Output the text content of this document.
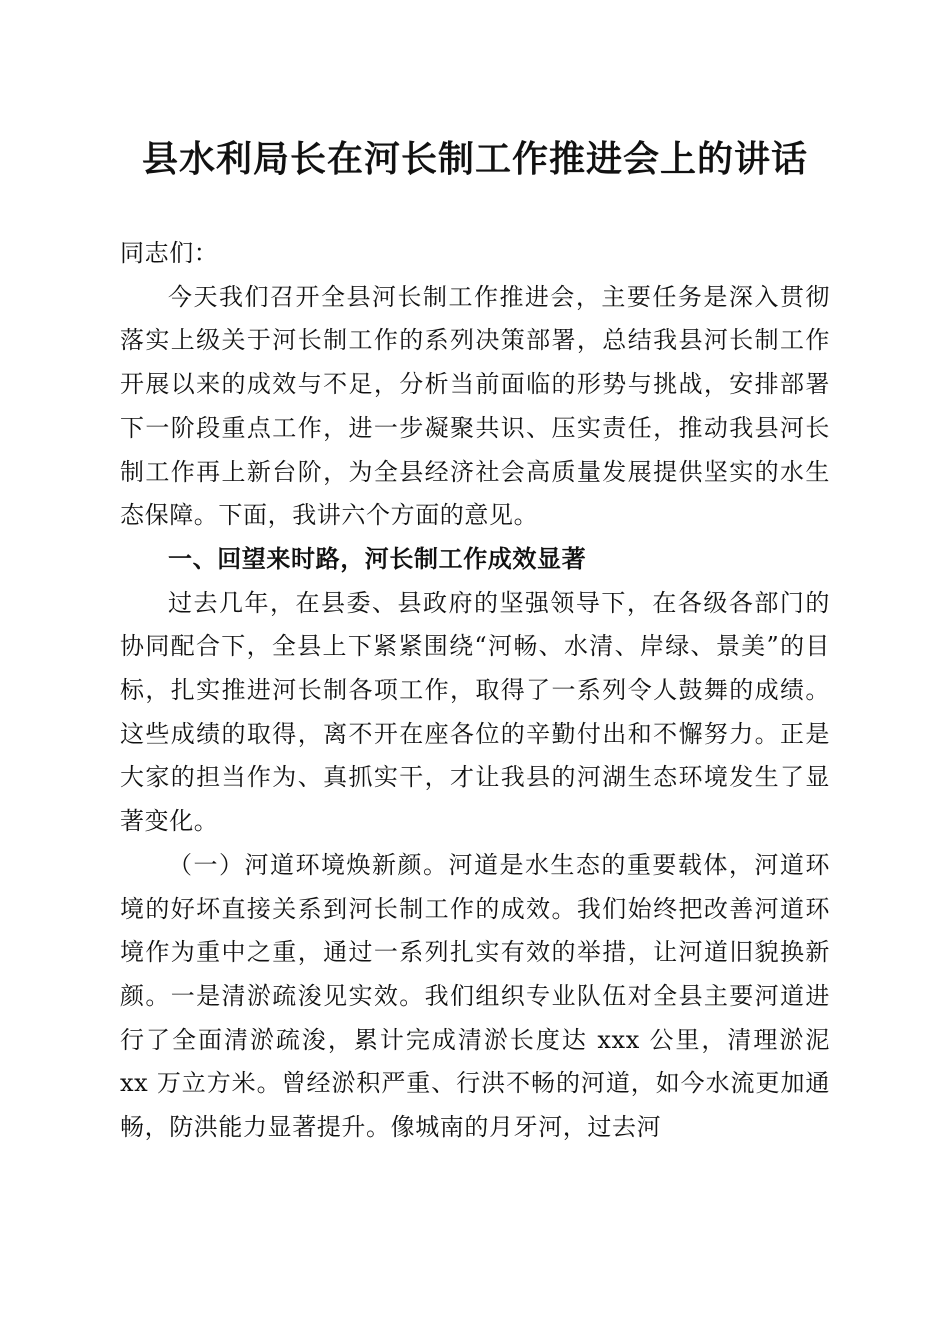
县水利局长在河长制工作推进会上的讲话

同志们：

今天我们召开全县河长制工作推进会，主要任务是深入贯彻落实上级关于河长制工作的系列决策部署，总结我县河长制工作开展以来的成效与不足，分析当前面临的形势与挑战，安排部署下一阶段重点工作，进一步凝聚共识、压实责任，推动我县河长制工作再上新台阶，为全县经济社会高质量发展提供坚实的水生态保障。下面，我讲六个方面的意见。

一、回望来时路，河长制工作成效显著

过去几年，在县委、县政府的坚强领导下，在各级各部门的协同配合下，全县上下紧紧围绕“河畅、水清、岸绿、景美”的目标，扎实推进河长制各项工作，取得了一系列令人鼓舞的成绩。这些成绩的取得，离不开在座各位的辛勤付出和不懈努力。正是大家的担当作为、真抓实干，才让我县的河湖生态环境发生了显著变化。

（一）河道环境焕新颜。河道是水生态的重要载体，河道环境的好坏直接关系到河长制工作的成效。我们始终把改善河道环境作为重中之重，通过一系列扎实有效的举措，让河道旧貌换新颜。一是清淤疏浚见实效。我们组织专业队伍对全县主要河道进行了全面清淤疏浚，累计完成清淤长度达 xxx 公里，清理淤泥 xx 万立方米。曾经淤积严重、行洪不畅的河道，如今水流更加通畅，防洪能力显著提升。像城南的月牙河，过去河
